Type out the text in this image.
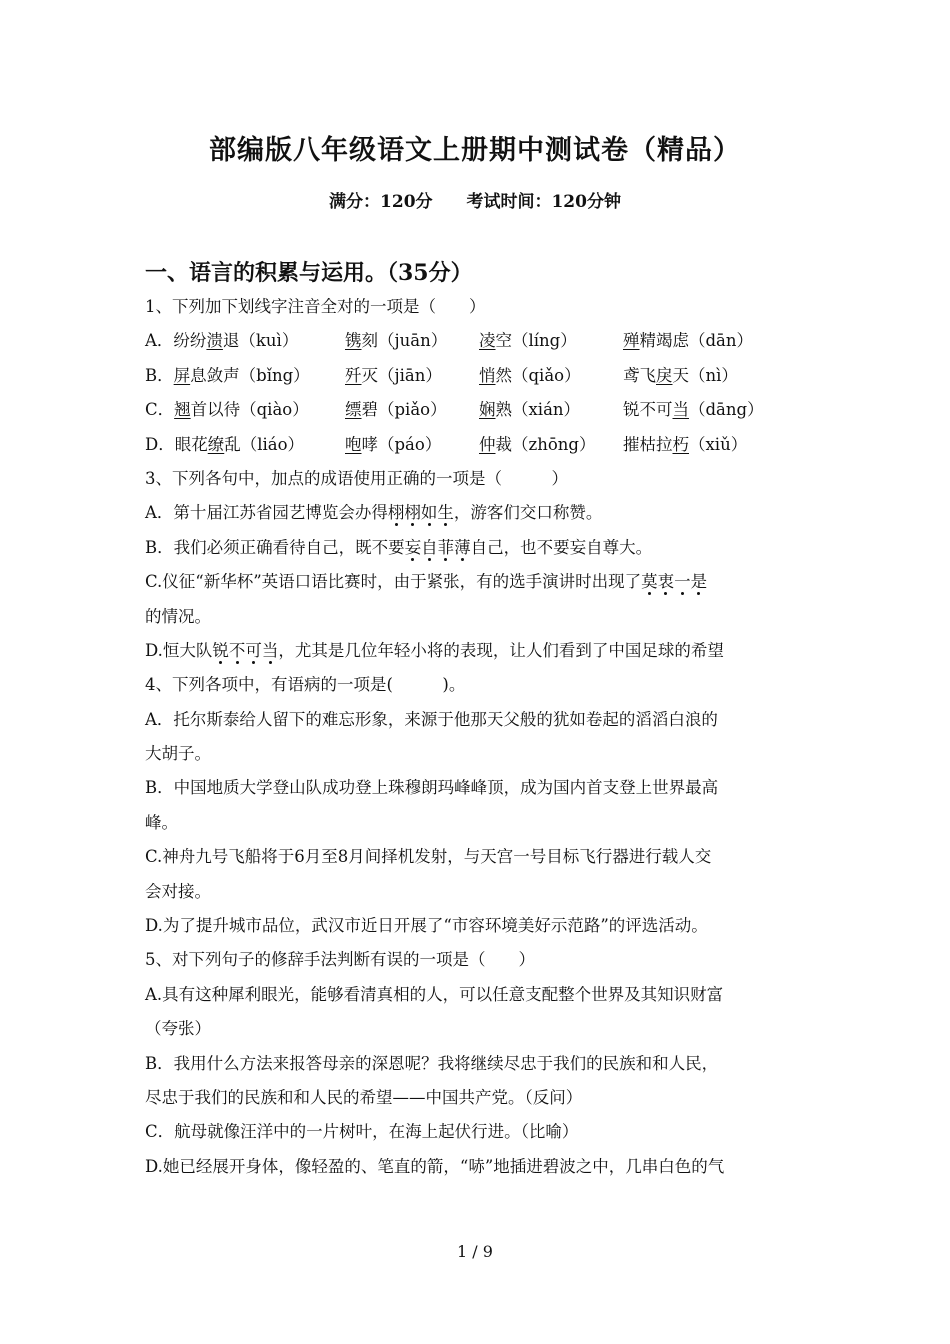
部编版八年级语文上册期中测试卷（精品）
满分：120分 考试时间：120分钟
一、语言的积累与运用。（35分）
1、下列加下划线字注音全对的一项是（　　）
A．纷纷溃退（kuì）	镌刻（juān）	凌空（líng）	殚精竭虑（dān）
B．屏息敛声（bǐng）	歼灭（jiān）	悄然（qiǎo）	鸢飞戾天（nì）
C．翘首以待（qiào）	缥碧（piǎo）	娴熟（xián）	锐不可当（dāng）
D．眼花缭乱（liáo）	咆哮（páo）	仲裁（zhōng）	摧枯拉朽（xiǔ）
3、下列各句中，加点的成语使用正确的一项是（　　　）
A．第十届江苏省园艺博览会办得栩栩如生，游客们交口称赞。
B．我们必须正确看待自己，既不要妄自菲薄自己，也不要妄自尊大。
C.仪征“新华杯”英语口语比赛时，由于紧张，有的选手演讲时出现了莫衷一是
的情况。
D.恒大队锐不可当，尤其是几位年轻小将的表现，让人们看到了中国足球的希望
4、下列各项中，有语病的一项是(　　　)。
A．托尔斯泰给人留下的难忘形象，来源于他那天父般的犹如卷起的滔滔白浪的
大胡子。
B．中国地质大学登山队成功登上珠穆朗玛峰峰顶，成为国内首支登上世界最高
峰。
C.神舟九号飞船将于6月至8月间择机发射，与天宫一号目标飞行器进行载人交
会对接。
D.为了提升城市品位，武汉市近日开展了“市容环境美好示范路”的评选活动。
5、对下列句子的修辞手法判断有误的一项是（　　）
A.具有这种犀利眼光，能够看清真相的人，可以任意支配整个世界及其知识财富
（夸张）
B．我用什么方法来报答母亲的深恩呢？我将继续尽忠于我们的民族和和人民，
尽忠于我们的民族和和人民的希望——中国共产党。（反问）
C．航母就像汪洋中的一片树叶，在海上起伏行进。（比喻）
D.她已经展开身体，像轻盈的、笔直的箭，“哧”地插进碧波之中，几串白色的气
1 / 9
